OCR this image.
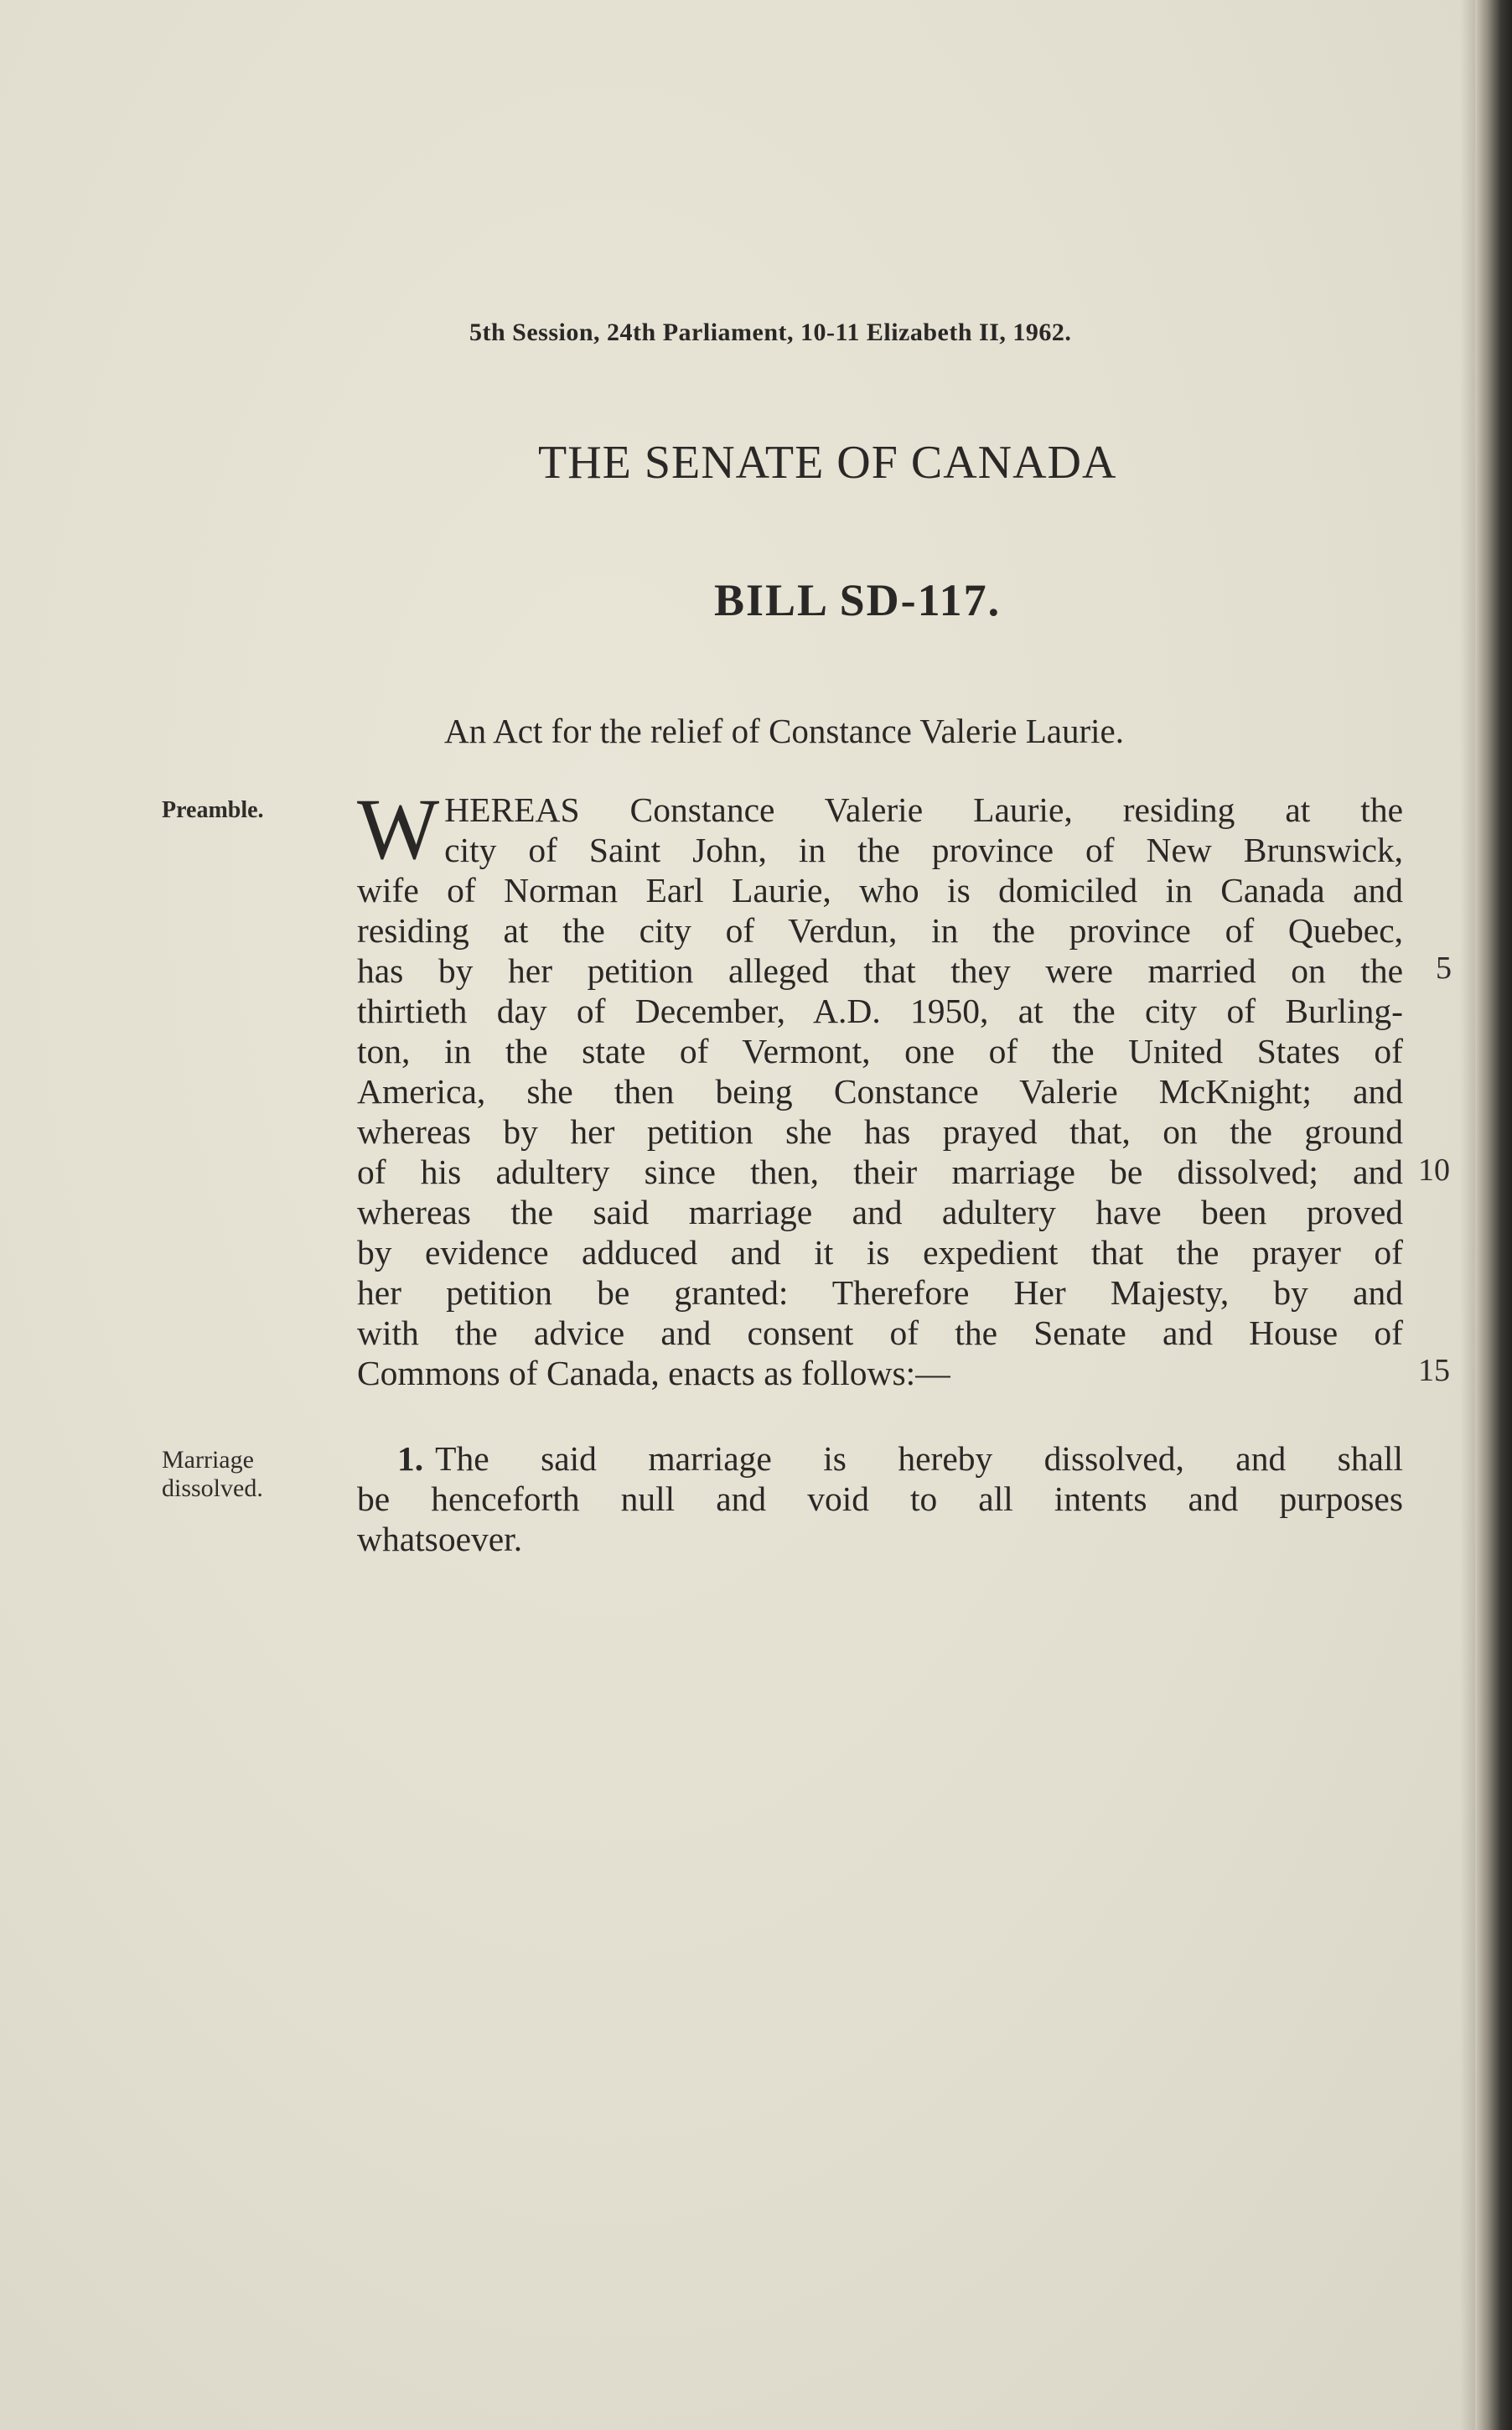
5th Session, 24th Parliament, 10-11 Elizabeth II, 1962.
THE SENATE OF CANADA
BILL SD-117.
An Act for the relief of Constance Valerie Laurie.
Preamble.
Marriage
dissolved.
W HEREAS Constance Valerie Laurie, residing at the
city of Saint John, in the province of New Brunswick,
wife of Norman Earl Laurie, who is domiciled in Canada and
residing at the city of Verdun, in the province of Quebec,
has by her petition alleged that they were married on the
thirtieth day of December, A.D. 1950, at the city of Burling-
ton, in the state of Vermont, one of the United States of
America, she then being Constance Valerie McKnight; and
whereas by her petition she has prayed that, on the ground
of his adultery since then, their marriage be dissolved; and
whereas the said marriage and adultery have been proved
by evidence adduced and it is expedient that the prayer of
her petition be granted: Therefore Her Majesty, by and
with the advice and consent of the Senate and House of
Commons of Canada, enacts as follows:—
5
10
15
1. The said marriage is hereby dissolved, and shall
be henceforth null and void to all intents and purposes
whatsoever.
